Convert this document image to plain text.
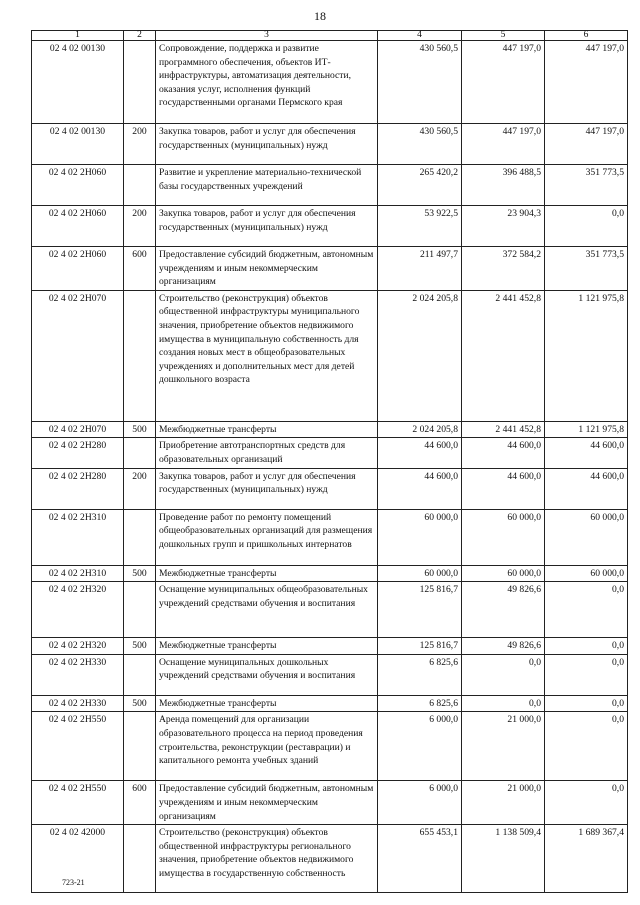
18
1	2	3	4	5	6
02 4 02 00130		Сопровождение, поддержка и развитие программного обеспечения, объектов ИТ-инфраструктуры, автоматизация деятельности, оказания услуг, исполнения функций государственными органами Пермского края	430 560,5	447 197,0	447 197,0
02 4 02 00130	200	Закупка товаров, работ и услуг для обеспечения государственных (муниципальных) нужд	430 560,5	447 197,0	447 197,0
02 4 02 2Н060		Развитие и укрепление материально-технической базы государственных учреждений	265 420,2	396 488,5	351 773,5
02 4 02 2Н060	200	Закупка товаров, работ и услуг для обеспечения государственных (муниципальных) нужд	53 922,5	23 904,3	0,0
02 4 02 2Н060	600	Предоставление субсидий бюджетным, автономным учреждениям и иным некоммерческим организациям	211 497,7	372 584,2	351 773,5
02 4 02 2Н070		Строительство (реконструкция) объектов общественной инфраструктуры муниципального значения, приобретение объектов недвижимого имущества в муниципальную собственность для создания новых мест в общеобразовательных учреждениях и дополнительных мест для детей дошкольного возраста	2 024 205,8	2 441 452,8	1 121 975,8
02 4 02 2Н070	500	Межбюджетные трансферты	2 024 205,8	2 441 452,8	1 121 975,8
02 4 02 2Н280		Приобретение автотранспортных средств для образовательных организаций	44 600,0	44 600,0	44 600,0
02 4 02 2Н280	200	Закупка товаров, работ и услуг для обеспечения государственных (муниципальных) нужд	44 600,0	44 600,0	44 600,0
02 4 02 2Н310		Проведение работ по ремонту помещений общеобразовательных организаций для размещения дошкольных групп и пришкольных интернатов	60 000,0	60 000,0	60 000,0
02 4 02 2Н310	500	Межбюджетные трансферты	60 000,0	60 000,0	60 000,0
02 4 02 2Н320		Оснащение муниципальных общеобразовательных учреждений средствами обучения и воспитания	125 816,7	49 826,6	0,0
02 4 02 2Н320	500	Межбюджетные трансферты	125 816,7	49 826,6	0,0
02 4 02 2Н330		Оснащение муниципальных дошкольных учреждений средствами обучения и воспитания	6 825,6	0,0	0,0
02 4 02 2Н330	500	Межбюджетные трансферты	6 825,6	0,0	0,0
02 4 02 2Н550		Аренда помещений для организации образовательного процесса на период проведения строительства, реконструкции (реставрации) и капитального ремонта учебных зданий	6 000,0	21 000,0	0,0
02 4 02 2Н550	600	Предоставление субсидий бюджетным, автономным учреждениям и иным некоммерческим организациям	6 000,0	21 000,0	0,0
02 4 02 42000		Строительство (реконструкция) объектов общественной инфраструктуры регионального значения, приобретение объектов недвижимого имущества в государственную собственность	655 453,1	1 138 509,4	1 689 367,4
723-21
